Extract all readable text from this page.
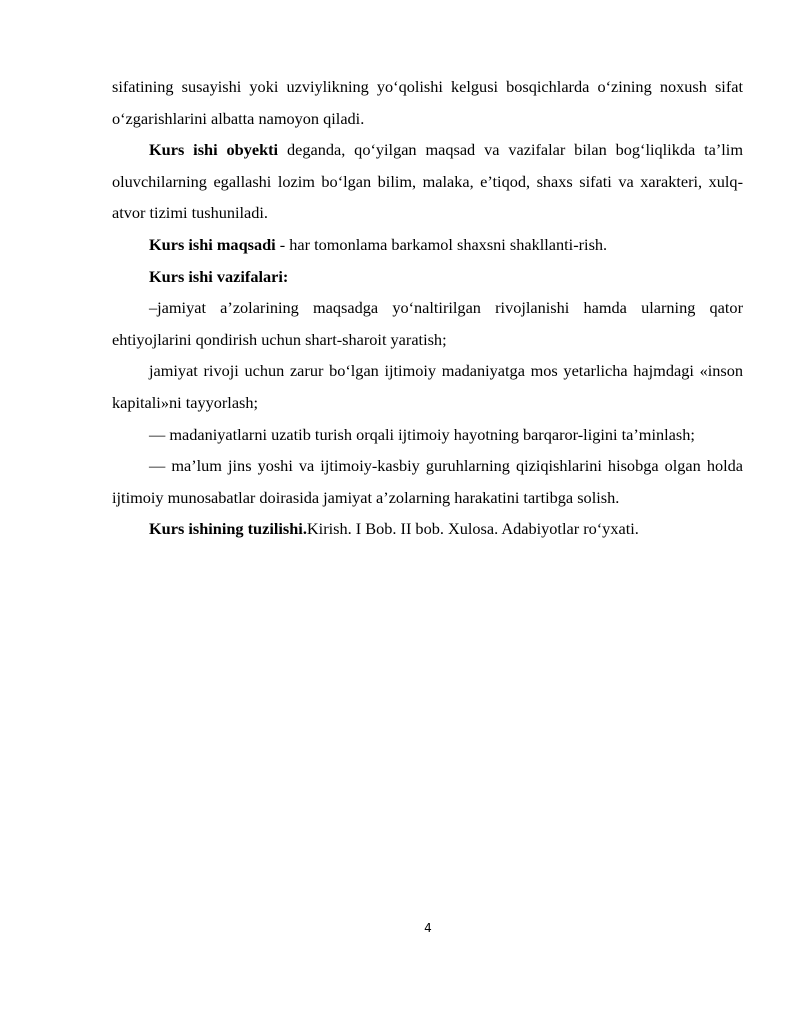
sifatining susayishi yoki uzviylikning yo‘qolishi kelgusi bosqichlarda o‘zining noxush sifat o‘zgarishlarini albatta namoyon qiladi.

Kurs ishi obyekti deganda, qo‘yilgan maqsad va vazifalar bilan bog‘liqlikda ta’lim oluvchilarning egallashi lozim bo‘lgan bilim, malaka, e’tiqod, shaxs sifati va xarakteri, xulq-atvor tizimi tushuniladi.

Kurs ishi maqsadi - har tomonlama barkamol shaxsni shakllanti-rish.

Kurs ishi vazifalari:

–jamiyat a’zolarining maqsadga yo‘naltirilgan rivojlanishi hamda ularning qator ehtiyojlarini qondirish uchun shart-sharoit yaratish;

jamiyat rivoji uchun zarur bo‘lgan ijtimoiy madaniyatga mos yetarlicha hajmdagi «inson kapitali»ni tayyorlash;

— madaniyatlarni uzatib turish orqali ijtimoiy hayotning barqaror-ligini ta’minlash;

— ma’lum jins yoshi va ijtimoiy-kasbiy guruhlarning qiziqishlarini hisobga olgan holda ijtimoiy munosabatlar doirasida jamiyat a’zolarning harakatini tartibga solish.

Kurs ishining tuzilishi.Kirish. I Bob. II bob. Xulosa. Adabiyotlar ro‘yxati.

4
